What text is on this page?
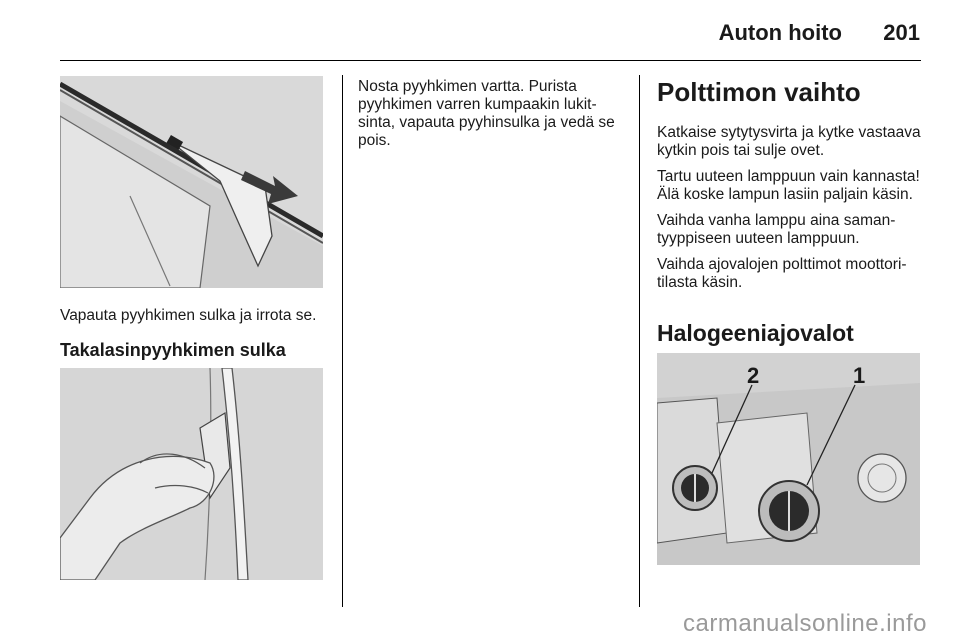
Auton hoito 201
Vapauta pyyhkimen sulka ja irrota se.
Takalasinpyyhkimen sulka
Nosta pyyhkimen vartta. Purista pyyhkimen varren kumpaakin lukitsinta, vapauta pyyhinsulka ja vedä se pois.
Polttimon vaihto

Katkaise sytytysvirta ja kytke vastaava kytkin pois tai sulje ovet.

Tartu uuteen lamppuun vain kannasta! Älä koske lampun lasiin paljain käsin.

Vaihda vanha lamppu aina samantyyppiseen uuteen lamppuun.

Vaihda ajovalojen polttimot moottoritilasta käsin.

Halogeeniajovalot
2	1
carmanualsonline.info
